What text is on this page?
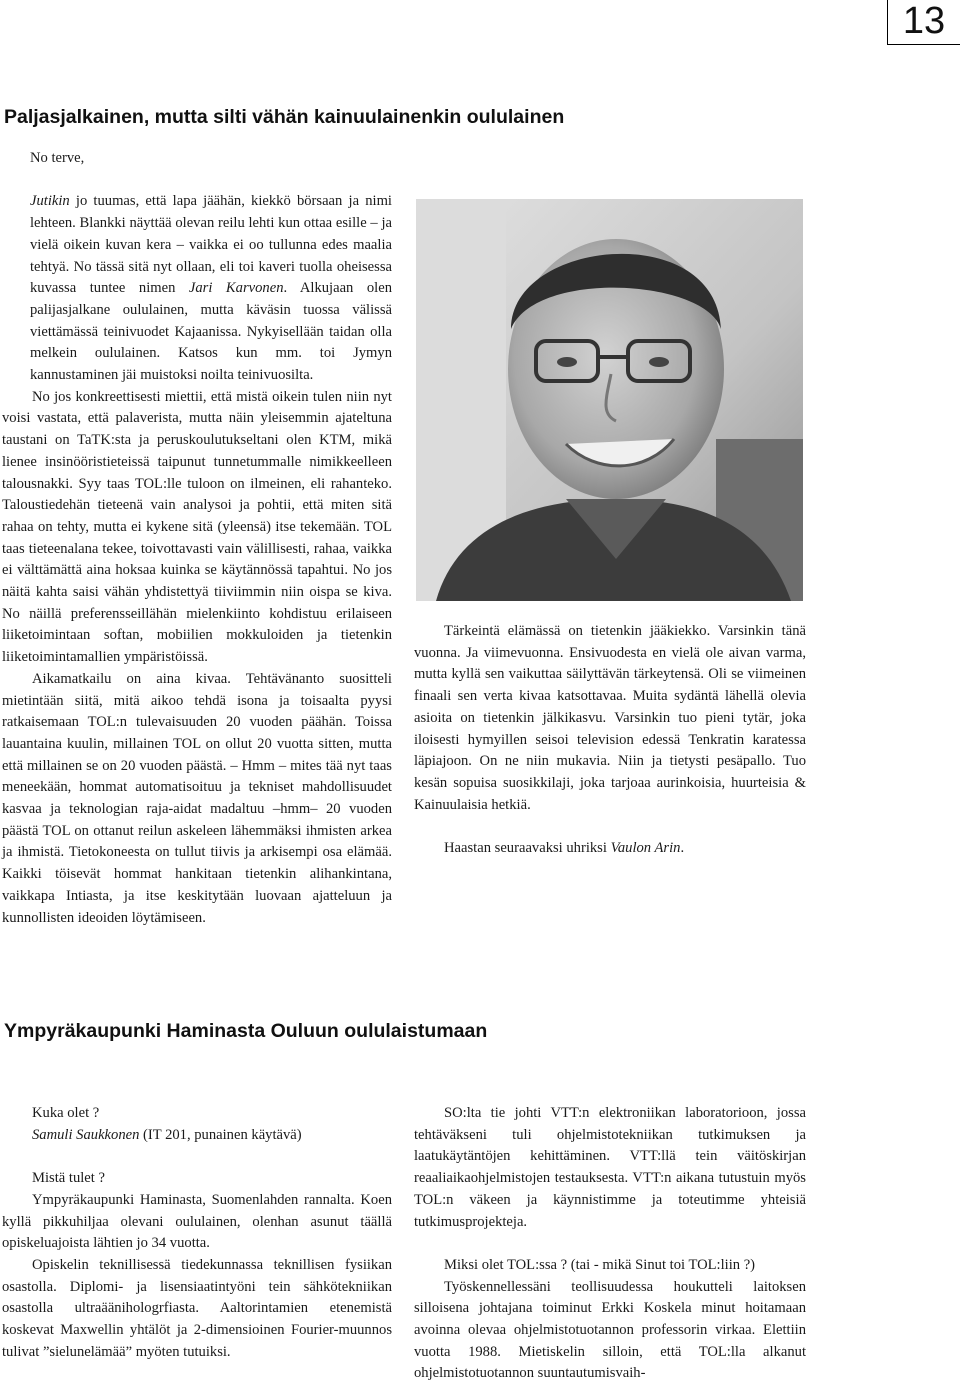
13
Paljasjalkainen, mutta silti vähän kainuulainenkin oululainen

No terve,

Jutikin jo tuumas, että lapa jäähän, kiekkö börsaan ja nimi lehteen. Blankki näyttää olevan reilu lehti kun ottaa esille – ja vielä oikein kuvan kera – vaikka ei oo tullunna edes maalia tehtyä. No tässä sitä nyt ollaan, eli toi kaveri tuolla oheisessa kuvassa tuntee nimen Jari Karvonen. Alkujaan olen palijasjalkane oululainen, mutta käväsin tuossa välissä viettämässä teinivuodet Kajaanissa. Nykyisellään taidan olla melkein oululainen. Katsos kun mm. toi Jymyn kannustaminen jäi muistoksi noilta teinivuosilta.

No jos konkreettisesti miettii, että mistä oikein tulen niin nyt voisi vastata, että palaverista, mutta näin yleisemmin ajateltuna taustani on TaTK:sta ja peruskoulutukseltani olen KTM, mikä lienee insinööristieteissä taipunut tunnetummalle nimikkeelleen talousnakki. Syy taas TOL:lle tuloon on ilmeinen, eli rahanteko. Taloustiedehän tieteenä vain analysoi ja pohtii, että miten sitä rahaa on tehty, mutta ei kykene sitä (yleensä) itse tekemään. TOL taas tieteenalana tekee, toivottavasti vain välillisesti, rahaa, vaikka ei välttämättä aina hoksaa kuinka se käytännössä tapahtui. No jos näitä kahta saisi vähän yhdistettyä tiiviimmin niin oispa se kiva. No näillä preferensseillähän mielenkiinto kohdistuu erilaiseen liiketoimintaan softan, mobiilien mokkuloiden ja tietenkin liiketoimintamallien ympäristöissä.

Aikamatkailu on aina kivaa. Tehtävänanto suositteli mietintään siitä, mitä aikoo tehdä isona ja toisaalta pyysi ratkaisemaan TOL:n tulevaisuuden 20 vuoden päähän. Toissa lauantaina kuulin, millainen TOL on ollut 20 vuotta sitten, mutta että millainen se on 20 vuoden päästä. – Hmm – mites tää nyt taas meneekään, hommat automatisoituu ja tekniset mahdollisuudet kasvaa ja teknologian raja-aidat madaltuu –hmm– 20 vuoden päästä TOL on ottanut reilun askeleen lähemmäksi ihmisten arkea ja ihmistä. Tietokoneesta on tullut tiivis ja arkisempi osa elämää. Kaikki töisevät hommat hankitaan tietenkin alihankintana, vaikkapa Intiasta, ja itse keskitytään luovaan ajatteluun ja kunnollisten ideoiden löytämiseen.

Tärkeintä elämässä on tietenkin jääkiekko. Varsinkin tänä vuonna. Ja viimevuonna. Ensivuodesta en vielä ole aivan varma, mutta kyllä sen vaikuttaa säilyttävän tärkeytensä. Oli se viimeinen finaali sen verta kivaa katsottavaa. Muita sydäntä lähellä olevia asioita on tietenkin jälkikasvu. Varsinkin tuo pieni tytär, joka iloisesti hymyillen seisoi television edessä Tenkratin karatessa läpiajoon. On ne niin mukavia. Niin ja tietysti pesäpallo. Tuo kesän sopuisa suosikkilaji, joka tarjoaa aurinkoisia, huurteisia & Kainuulaisia hetkiä.

Haastan seuraavaksi uhriksi Vaulon Arin.

Ympyräkaupunki Haminasta Ouluun oululaistumaan

Kuka olet ?

Samuli Saukkonen (IT 201, punainen käytävä)

Mistä tulet ?

Ympyräkaupunki Haminasta, Suomenlahden rannalta. Koen kyllä pikkuhiljaa olevani oululainen, olenhan asunut täällä opiskeluajoista lähtien jo 34 vuotta.

Opiskelin teknillisessä tiedekunnassa teknillisen fysiikan osastolla. Diplomi- ja lisensiaatintyöni tein sähkötekniikan osastolla ultraäänihologrfiasta. Aaltorintamien etenemistä koskevat Maxwellin yhtälöt ja 2-dimensioinen Fourier-muunnos tulivat ”sielunelämää” myöten tutuiksi.

SO:lta tie johti VTT:n elektroniikan laboratorioon, jossa tehtäväkseni tuli ohjelmistotekniikan tutkimuksen ja laatukäytäntöjen kehittäminen. VTT:llä tein väitöskirjan reaaliaikaohjelmistojen testauksesta. VTT:n aikana tutustuin myös TOL:n väkeen ja käynnistimme ja toteutimme yhteisiä tutkimusprojekteja.

Miksi olet TOL:ssa ? (tai - mikä Sinut toi TOL:liin ?)

Työskennellessäni teollisuudessa houkutteli laitoksen silloisena johtajana toiminut Erkki Koskela minut hoitamaan avoinna olevaa ohjelmistotuotannon professorin virkaa. Elettiin vuotta 1988. Mietiskelin silloin, että TOL:lla alkanut ohjelmistotuotannon suuntautumisvaih-
